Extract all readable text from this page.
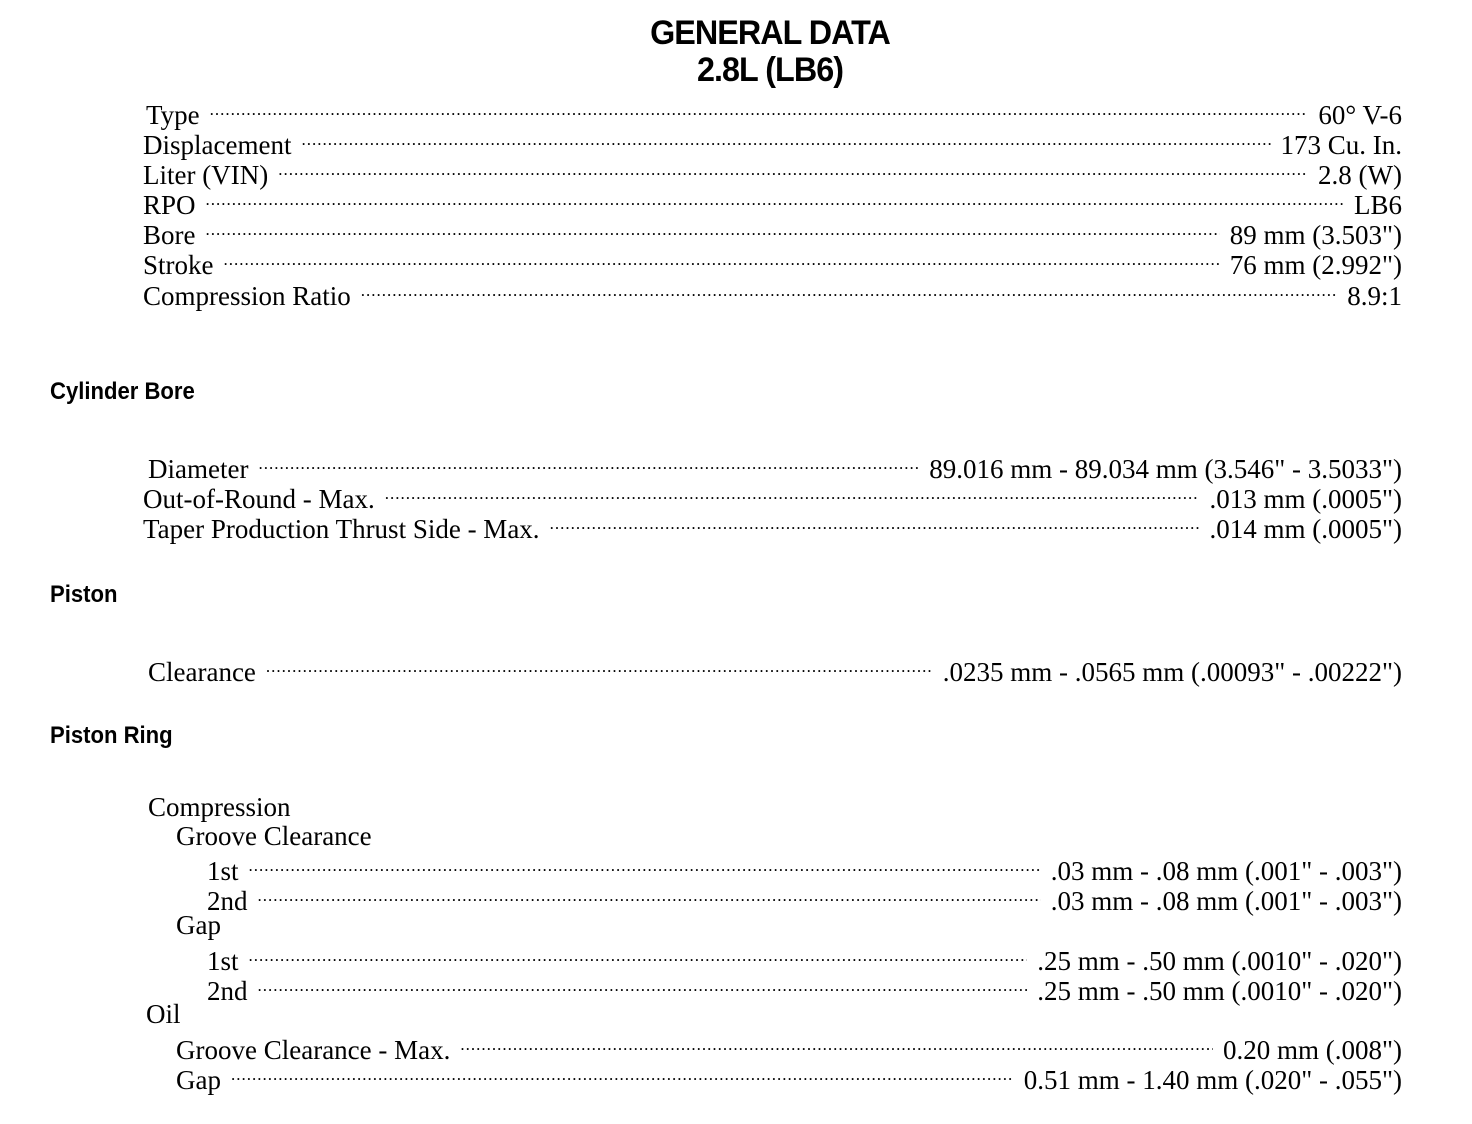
GENERAL DATA
2.8L (LB6)
Type .....	60° V-6
Displacement .....	173 Cu. In.
Liter (VIN) .....	2.8 (W)
RPO .....	LB6
Bore .....	89 mm (3.503")
Stroke .....	76 mm (2.992")
Compression Ratio .....	8.9:1
Cylinder Bore
Diameter .....	89.016 mm - 89.034 mm (3.546" - 3.5033")
Out-of-Round - Max. .....	.013 mm (.0005")
Taper Production Thrust Side - Max. .....	.014 mm (.0005")
Piston
Clearance .....	.0235 mm - .0565 mm (.00093" - .00222")
Piston Ring
Compression
Groove Clearance
1st .....	.03 mm - .08 mm (.001" - .003")
2nd .....	.03 mm - .08 mm (.001" - .003")
Gap
1st .....	.25 mm - .50 mm (.0010" - .020")
2nd .....	.25 mm - .50 mm (.0010" - .020")
Oil
Groove Clearance - Max. .....	0.20 mm (.008")
Gap .....	0.51 mm - 1.40 mm (.020" - .055")
